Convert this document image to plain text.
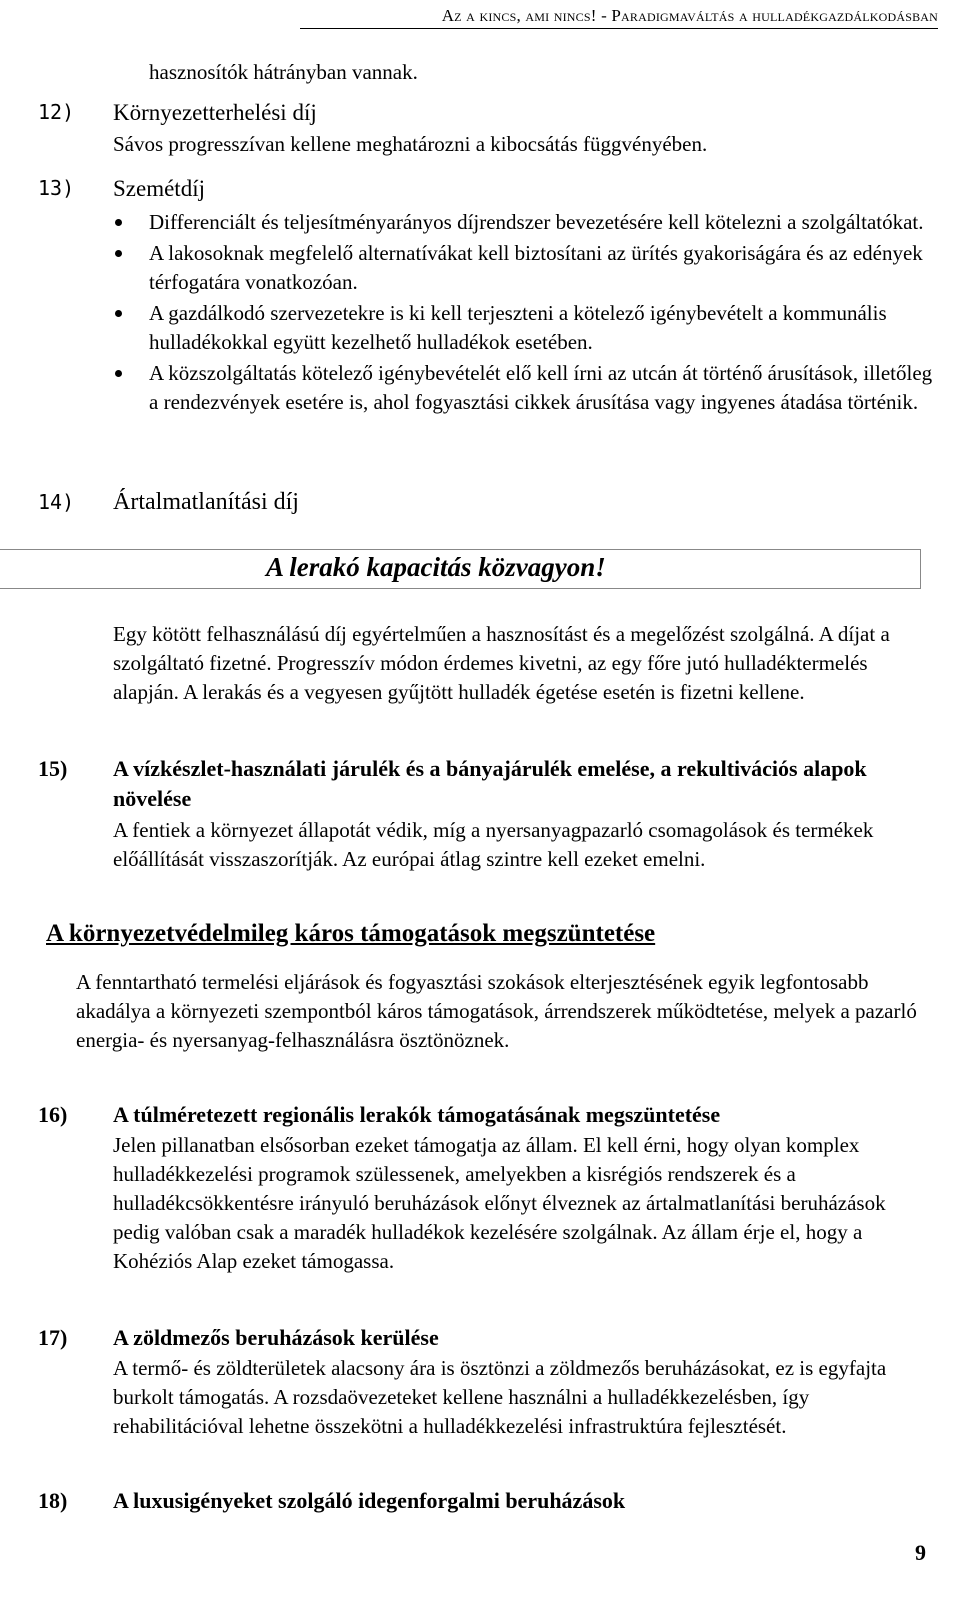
Az a kincs, ami nincs! - Paradigmaváltás a hulladékgazdálkodásban
hasznosítók hátrányban vannak.
12) Környezetterhelési díj
Sávos progresszívan kellene meghatározni a kibocsátás függvényében.
13) Szemétdíj
Differenciált és teljesítményarányos díjrendszer bevezetésére kell kötelezni a szolgáltatókat.
A lakosoknak megfelelő alternatívákat kell biztosítani az ürítés gyakoriságára és az edények térfogatára vonatkozóan.
A gazdálkodó szervezetekre is ki kell terjeszteni a kötelező igénybevételt a kommunális hulladékokkal együtt kezelhető hulladékok esetében.
A közszolgáltatás kötelező igénybevételét elő kell írni az utcán át történő árusítások, illetőleg a rendezvények esetére is, ahol fogyasztási cikkek árusítása vagy ingyenes átadása történik.
14) Ártalmatlanítási díj
A lerakó kapacitás közvagyon!
Egy kötött felhasználású díj egyértelműen a hasznosítást és a megelőzést szolgálná. A díjat a szolgáltató fizetné. Progresszív módon érdemes kivetni, az egy főre jutó hulladéktermelés alapján. A lerakás és a vegyesen gyűjtött hulladék égetése esetén is fizetni kellene.
15) A vízkészlet-használati járulék és a bányajárulék emelése, a rekultivációs alapok növelése
A fentiek a környezet állapotát védik, míg a nyersanyagpazarló csomagolások és termékek előállítását visszaszorítják. Az európai átlag szintre kell ezeket emelni.
A környezetvédelmileg káros támogatások megszüntetése
A fenntartható termelési eljárások és fogyasztási szokások elterjesztésének egyik legfontosabb akadálya a környezeti szempontból káros támogatások, árrendszerek működtetése, melyek a pazarló energia- és nyersanyag-felhasználásra ösztönöznek.
16) A túlméretezett regionális lerakók támogatásának megszüntetése
Jelen pillanatban elsősorban ezeket támogatja az állam. El kell érni, hogy olyan komplex hulladékkezelési programok szülessenek, amelyekben a kisrégiós rendszerek és a hulladékcsökkentésre irányuló beruházások előnyt élveznek az ártalmatlanítási beruházások pedig valóban csak a maradék hulladékok kezelésére szolgálnak. Az állam érje el, hogy a Kohéziós Alap ezeket támogassa.
17) A zöldmezős beruházások kerülése
A termő- és zöldterületek alacsony ára is ösztönzi a zöldmezős beruházásokat, ez is egyfajta burkolt támogatás. A rozsdaövezeteket kellene használni a hulladékkezelésben, így rehabilitációval lehetne összekötni a hulladékkezelési infrastruktúra fejlesztését.
18) A luxusigényeket szolgáló idegenforgalmi beruházások
9
